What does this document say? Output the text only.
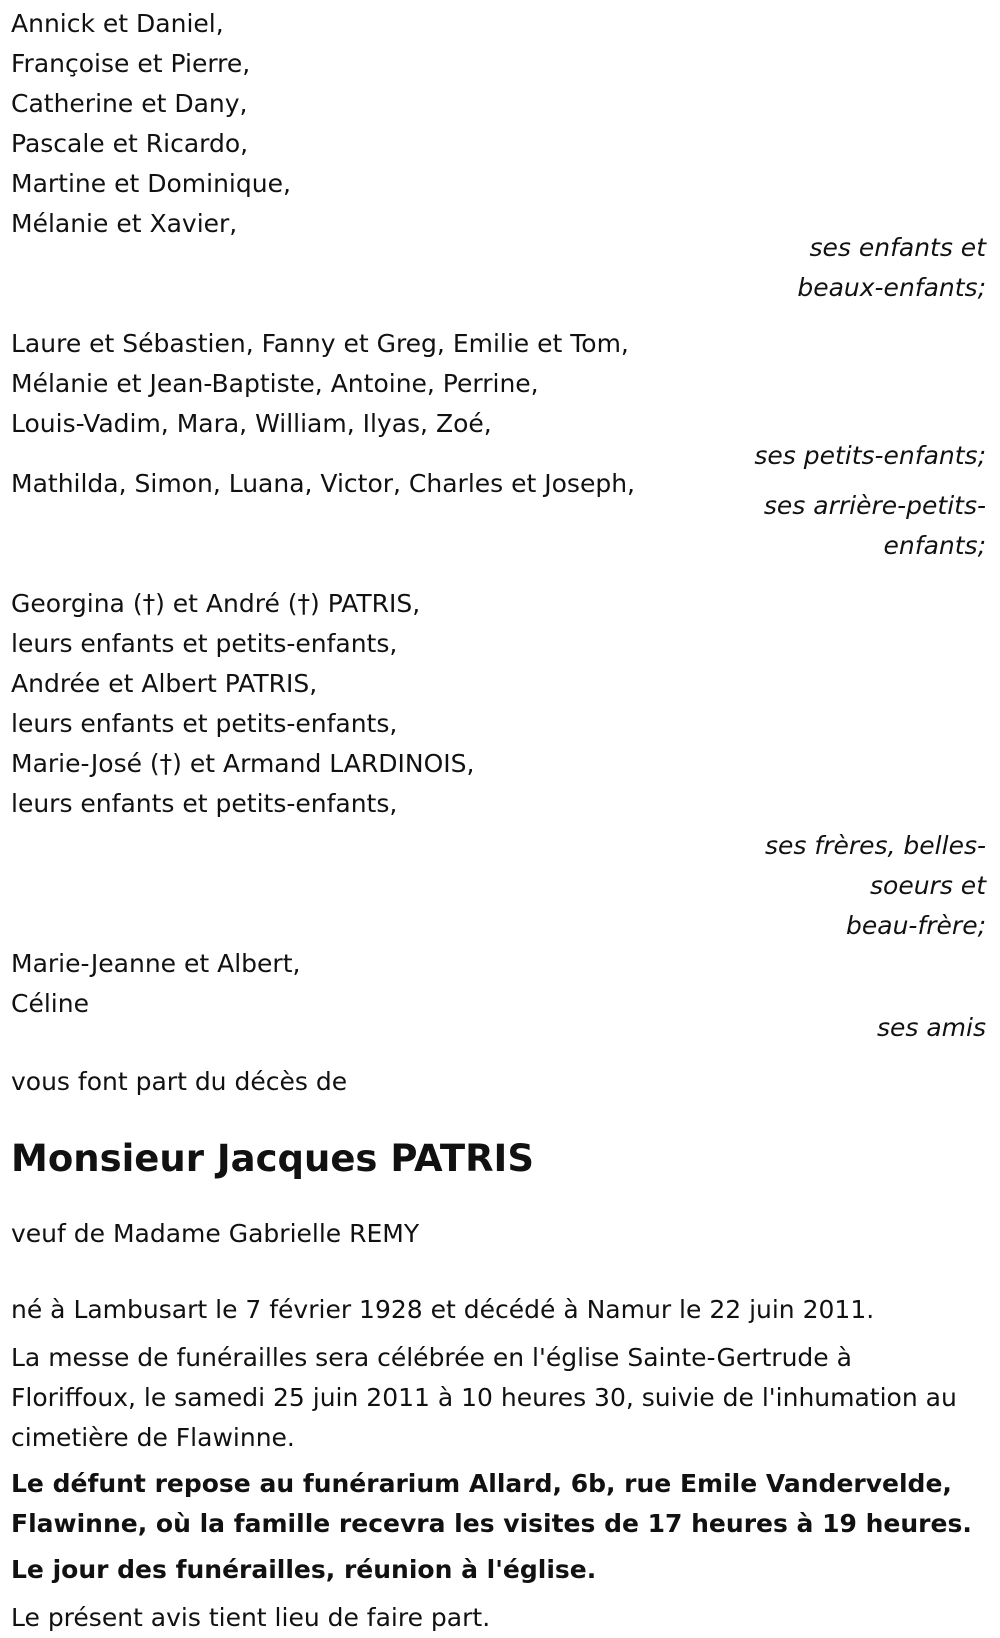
Annick et Daniel,
Françoise et Pierre,
Catherine et Dany,
Pascale et Ricardo,
Martine et Dominique,
Mélanie et Xavier,
ses enfants et
beaux-enfants;
Laure et Sébastien, Fanny et Greg, Emilie et Tom,
Mélanie et Jean-Baptiste, Antoine, Perrine,
Louis-Vadim, Mara, William, Ilyas, Zoé,
ses petits-enfants;
Mathilda, Simon, Luana, Victor, Charles et Joseph,
ses arrière-petits-
enfants;
Georgina (†) et André (†) PATRIS,
leurs enfants et petits-enfants,
Andrée et Albert PATRIS,
leurs enfants et petits-enfants,
Marie-José (†) et Armand LARDINOIS,
leurs enfants et petits-enfants,
ses frères, belles-
soeurs et
beau-frère;
Marie-Jeanne et Albert,
Céline
ses amis
vous font part du décès de
Monsieur Jacques PATRIS
veuf de Madame Gabrielle REMY
né à Lambusart le 7 février 1928 et décédé à Namur le 22 juin 2011.
La messe de funérailles sera célébrée en l'église Sainte-Gertrude à
Floriffoux, le samedi 25 juin 2011 à 10 heures 30, suivie de l'inhumation au
cimetière de Flawinne.
Le défunt repose au funérarium Allard, 6b, rue Emile Vandervelde,
Flawinne, où la famille recevra les visites de 17 heures à 19 heures.
Le jour des funérailles, réunion à l'église.
Le présent avis tient lieu de faire part.
